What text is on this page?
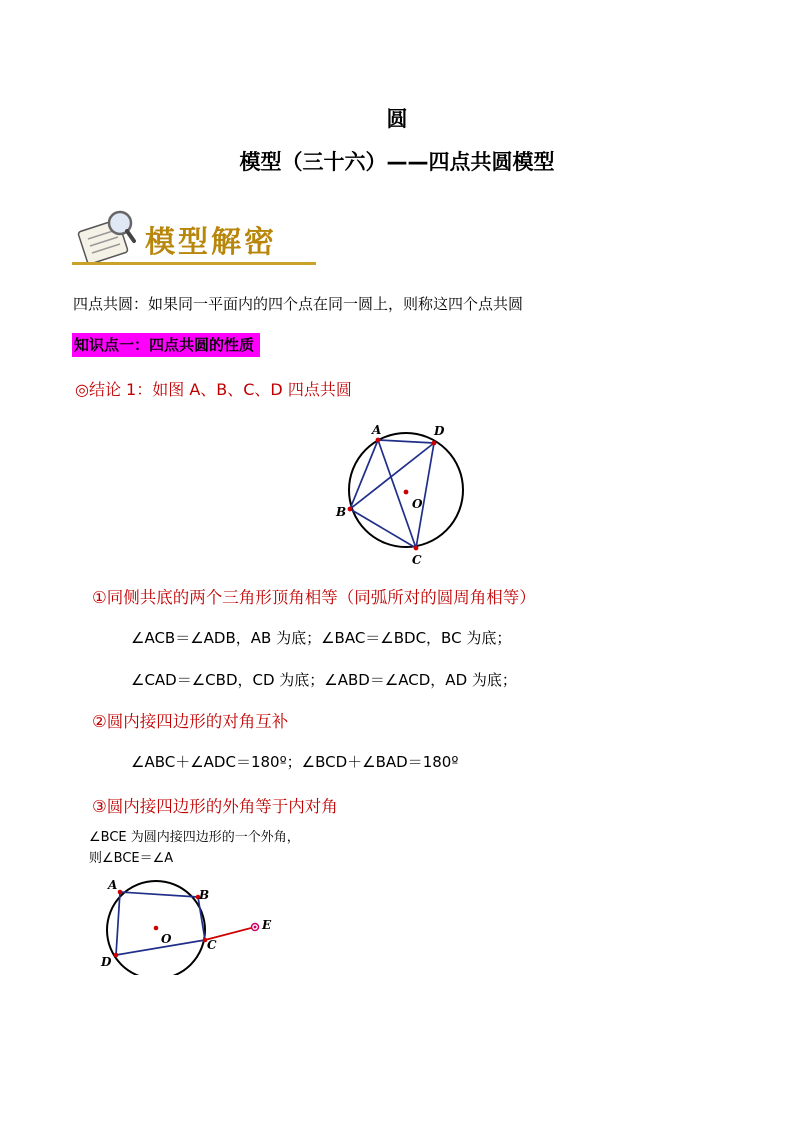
圆
模型（三十六）——四点共圆模型
模型解密
四点共圆：如果同一平面内的四个点在同一圆上，则称这四个点共圆
知识点一：四点共圆的性质
◎结论 1：如图 A、B、C、D 四点共圆
A	D
B
C
O
①同侧共底的两个三角形顶角相等（同弧所对的圆周角相等）
∠ACB＝∠ADB，AB 为底；∠BAC＝∠BDC，BC 为底；
∠CAD＝∠CBD，CD 为底；∠ABD＝∠ACD，AD 为底；
②圆内接四边形的对角互补
∠ABC＋∠ADC＝180º；∠BCD＋∠BAD＝180º
③圆内接四边形的外角等于内对角
∠BCE 为圆内接四边形的一个外角，
则∠BCE＝∠A
A
B
C
D
O
E
